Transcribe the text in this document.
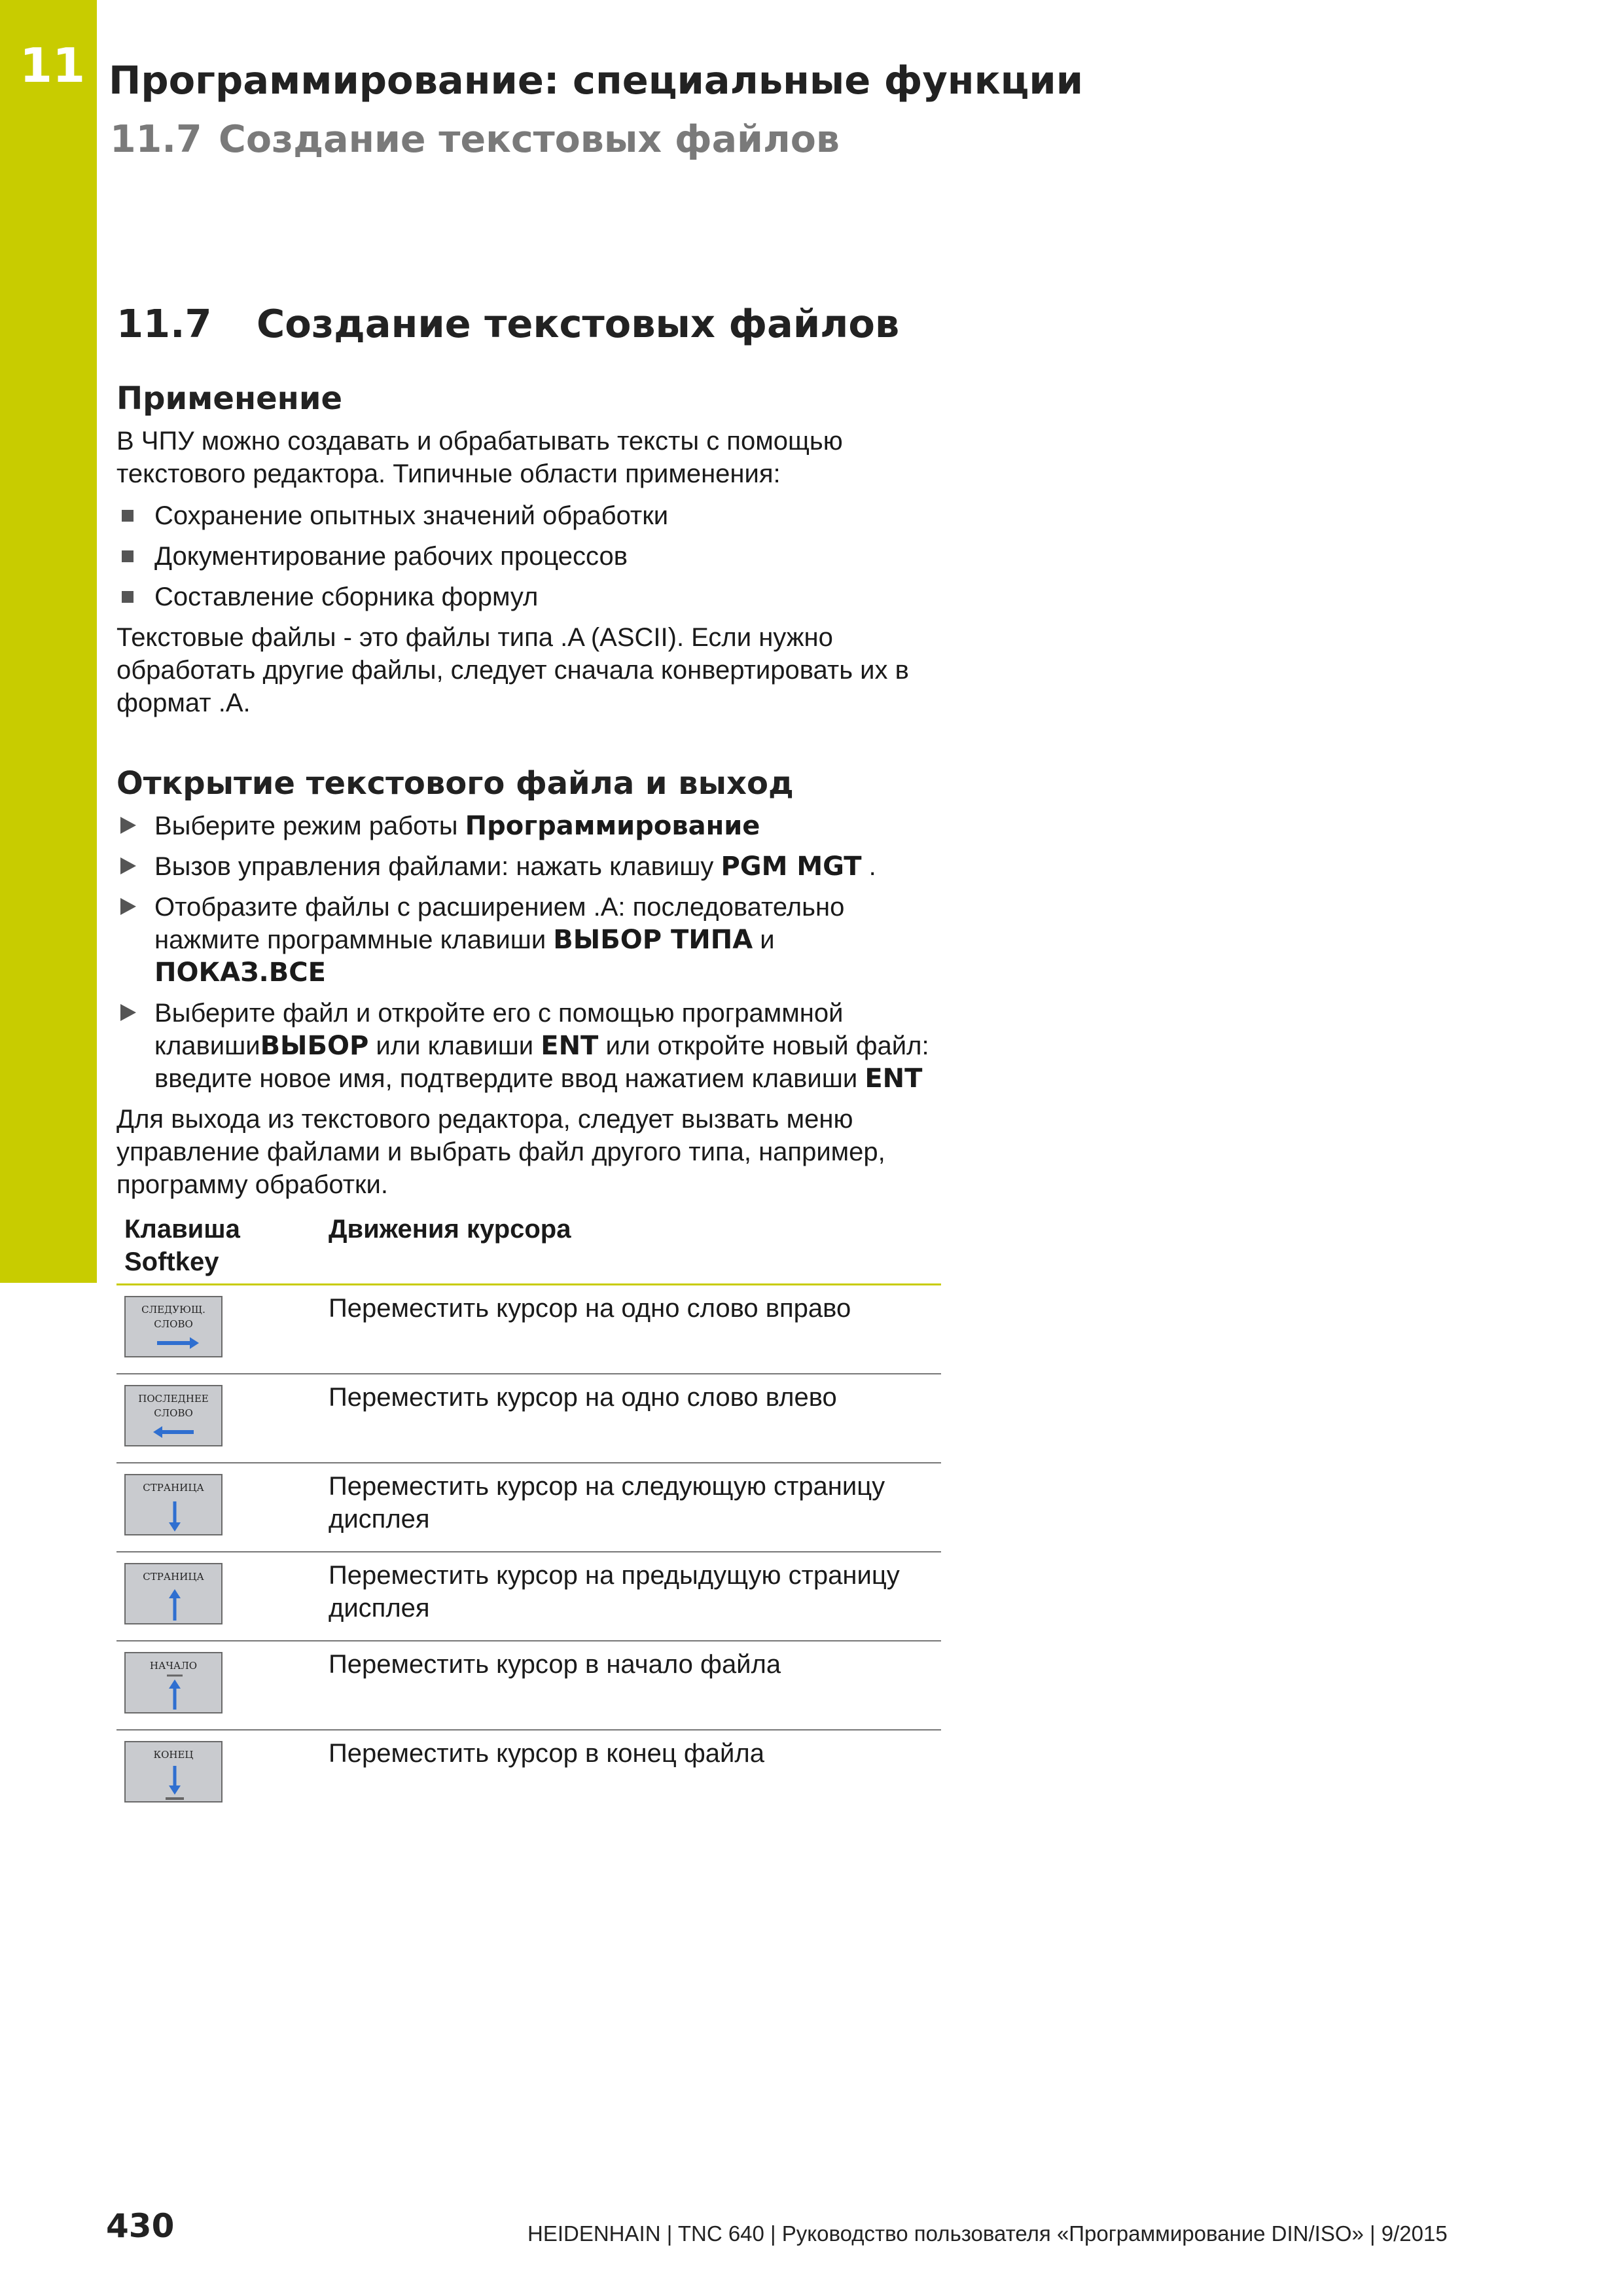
11 Программирование: специальные функции
11.7 Создание текстовых файлов
11.7 Создание текстовых файлов
Применение

В ЧПУ можно создавать и обрабатывать тексты с помощью текстового редактора. Типичные области применения:

Сохранение опытных значений обработки
Документирование рабочих процессов
Составление сборника формул

Текстовые файлы - это файлы типа .A (ASCII). Если нужно обработать другие файлы, следует сначала конвертировать их в формат .A.

Открытие текстового файла и выход
Выберите режим работы Программирование
Вызов управления файлами: нажать клавишу PGM MGT .
Отобразите файлы с расширением .A: последовательно нажмите программные клавиши ВЫБОР ТИПА и ПОКАЗ.ВСЕ
Выберите файл и откройте его с помощью программной клавишиВЫБОР или клавиши ENT или откройте новый файл: введите новое имя, подтвердите ввод нажатием клавиши ENT

Для выхода из текстового редактора, следует вызвать меню управление файлами и выбрать файл другого типа, например, программу обработки.

Клавиша Softkey	Движения курсора

СЛЕДУЮЩ.
СЛОВО	Переместить курсор на одно слово вправо

ПОСЛЕДНЕЕ
СЛОВО	Переместить курсор на одно слово влево

СТРАНИЦА	Переместить курсор на следующую страницу дисплея

СТРАНИЦА	Переместить курсор на предыдущую страницу дисплея

НАЧАЛО	Переместить курсор в начало файла

КОНЕЦ	Переместить курсор в конец файла
430	HEIDENHAIN | TNC 640 | Руководство пользователя «Программирование DIN/ISO» | 9/2015
